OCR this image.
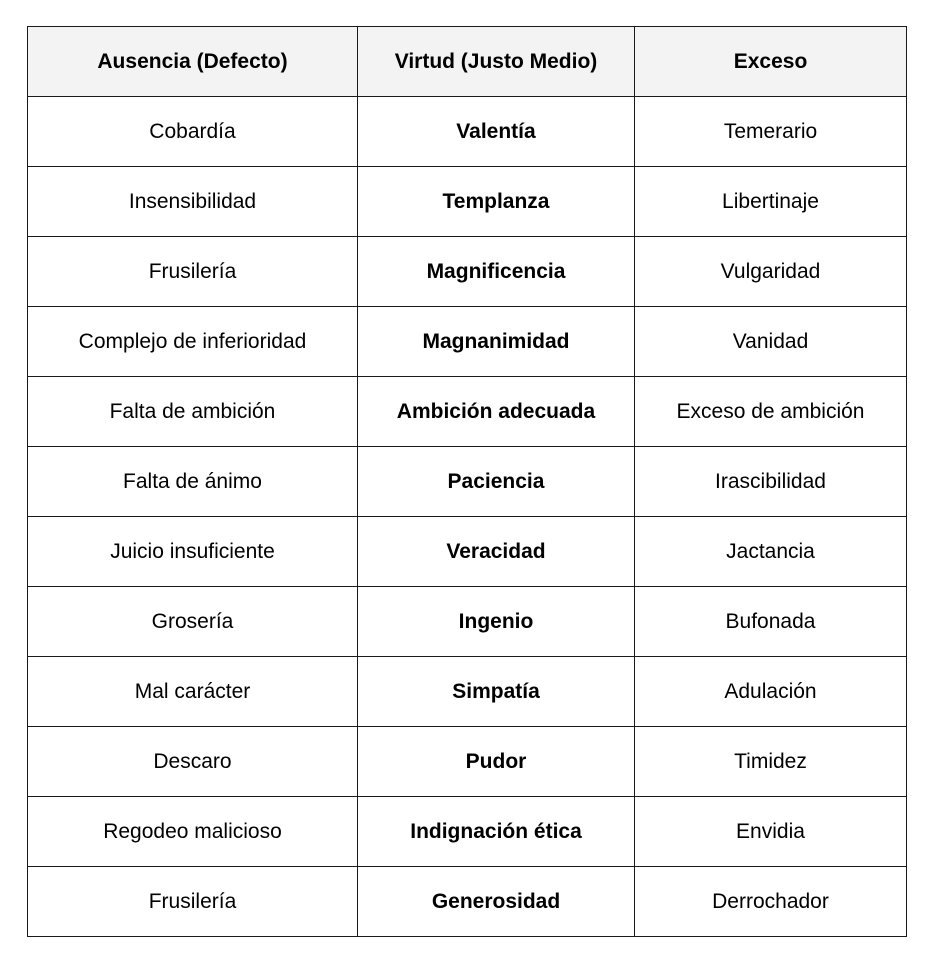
Ausencia (Defecto)	Virtud (Justo Medio)	Exceso
Cobardía	Valentía	Temerario
Insensibilidad	Templanza	Libertinaje
Frusilería	Magnificencia	Vulgaridad
Complejo de inferioridad	Magnanimidad	Vanidad
Falta de ambición	Ambición adecuada	Exceso de ambición
Falta de ánimo	Paciencia	Irascibilidad
Juicio insuficiente	Veracidad	Jactancia
Grosería	Ingenio	Bufonada
Mal carácter	Simpatía	Adulación
Descaro	Pudor	Timidez
Regodeo malicioso	Indignación ética	Envidia
Frusilería	Generosidad	Derrochador
